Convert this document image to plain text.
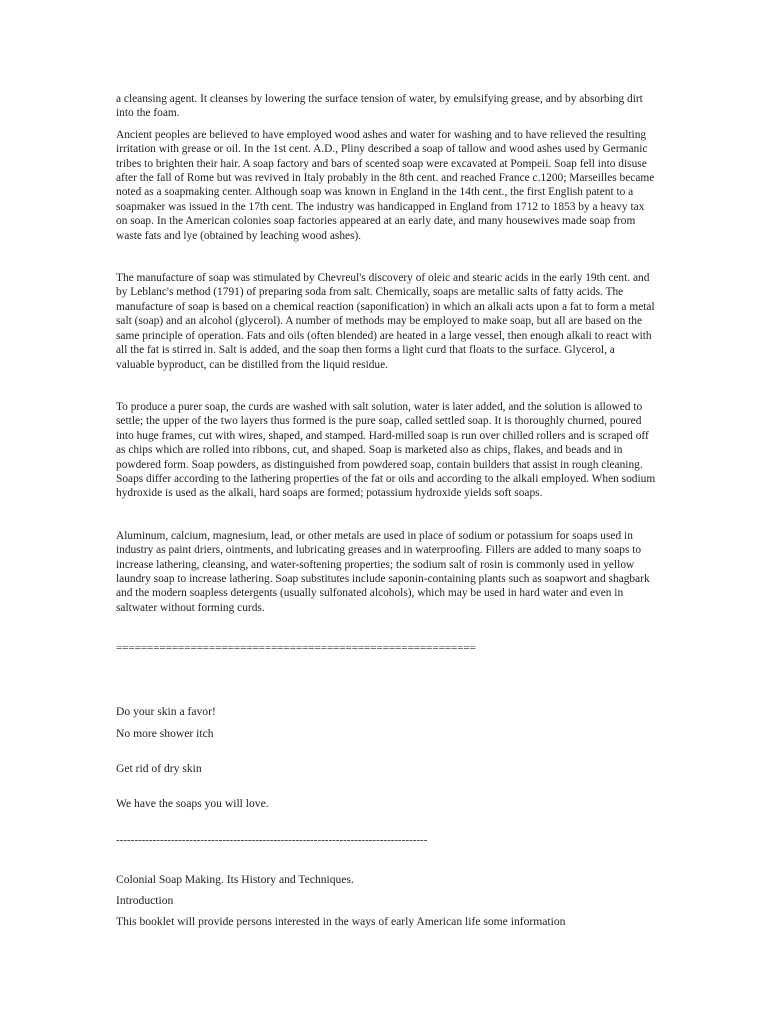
a cleansing agent. It cleanses by lowering the surface tension of water, by emulsifying grease, and by absorbing dirt into the foam.

Ancient peoples are believed to have employed wood ashes and water for washing and to have relieved the resulting irritation with grease or oil. In the 1st cent. A.D., Pliny described a soap of tallow and wood ashes used by Germanic tribes to brighten their hair. A soap factory and bars of scented soap were excavated at Pompeii. Soap fell into disuse after the fall of Rome but was revived in Italy probably in the 8th cent. and reached France c.1200; Marseilles became noted as a soapmaking center. Although soap was known in England in the 14th cent., the first English patent to a soapmaker was issued in the 17th cent. The industry was handicapped in England from 1712 to 1853 by a heavy tax on soap. In the American colonies soap factories appeared at an early date, and many housewives made soap from waste fats and lye (obtained by leaching wood ashes).

The manufacture of soap was stimulated by Chevreul's discovery of oleic and stearic acids in the early 19th cent. and by Leblanc's method (1791) of preparing soda from salt. Chemically, soaps are metallic salts of fatty acids. The manufacture of soap is based on a chemical reaction (saponification) in which an alkali acts upon a fat to form a metal salt (soap) and an alcohol (glycerol). A number of methods may be employed to make soap, but all are based on the same principle of operation. Fats and oils (often blended) are heated in a large vessel, then enough alkali to react with all the fat is stirred in. Salt is added, and the soap then forms a light curd that floats to the surface. Glycerol, a valuable byproduct, can be distilled from the liquid residue.

To produce a purer soap, the curds are washed with salt solution, water is later added, and the solution is allowed to settle; the upper of the two layers thus formed is the pure soap, called settled soap. It is thoroughly churned, poured into huge frames, cut with wires, shaped, and stamped. Hard-milled soap is run over chilled rollers and is scraped off as chips which are rolled into ribbons, cut, and shaped. Soap is marketed also as chips, flakes, and beads and in powdered form. Soap powders, as distinguished from powdered soap, contain builders that assist in rough cleaning. Soaps differ according to the lathering properties of the fat or oils and according to the alkali employed. When sodium hydroxide is used as the alkali, hard soaps are formed; potassium hydroxide yields soft soaps.

Aluminum, calcium, magnesium, lead, or other metals are used in place of sodium or potassium for soaps used in industry as paint driers, ointments, and lubricating greases and in waterproofing. Fillers are added to many soaps to increase lathering, cleansing, and water-softening properties; the sodium salt of rosin is commonly used in yellow laundry soap to increase lathering. Soap substitutes include saponin-containing plants such as soapwort and shagbark and the modern soapless detergents (usually sulfonated alcohols), which may be used in hard water and even in saltwater without forming curds.

==========================================================

Do your skin a favor!

No more shower itch

Get rid of dry skin

We have the soaps you will love.

-------------------------------------------------------------------------------------

Colonial Soap Making. Its History and Techniques.

Introduction

This booklet will provide persons interested in the ways of early American life some information
